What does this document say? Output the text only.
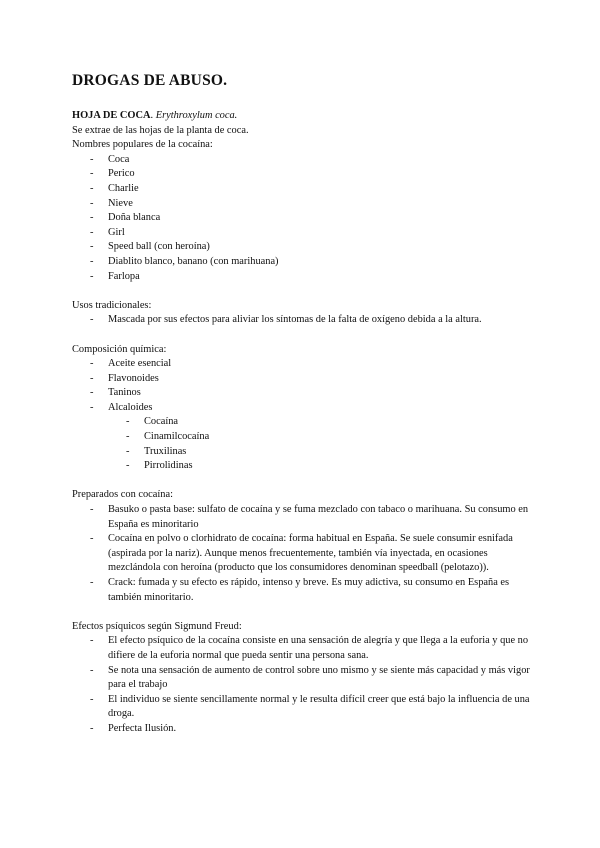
DROGAS DE ABUSO.

HOJA DE COCA. Erythroxylum coca.

Se extrae de las hojas de la planta de coca.

Nombres populares de la cocaína:

- Coca
- Perico
- Charlie
- Nieve
- Doña blanca
- Girl
- Speed ball (con heroína)
- Diablito blanco, banano (con marihuana)
- Farlopa

Usos tradicionales:

- Mascada por sus efectos para aliviar los síntomas de la falta de oxígeno debida a la altura.

Composición química:

- Aceite esencial
- Flavonoides
- Taninos
- Alcaloides
- Cocaína
- Cinamilcocaína
- Truxilinas
- Pirrolidinas

Preparados con cocaína:

- Basuko o pasta base: sulfato de cocaína y se fuma mezclado con tabaco o marihuana. Su consumo en España es minoritario
- Cocaína en polvo o clorhidrato de cocaína: forma habitual en España. Se suele consumir esnifada (aspirada por la nariz). Aunque menos frecuentemente, también vía inyectada, en ocasiones mezclándola con heroína (producto que los consumidores denominan speedball (pelotazo)).
- Crack: fumada y su efecto es rápido, intenso y breve. Es muy adictiva, su consumo en España es también minoritario.

Efectos psíquicos según Sigmund Freud:

- El efecto psíquico de la cocaína consiste en una sensación de alegría y que llega a la euforia y que no difiere de la euforia normal que pueda sentir una persona sana.
- Se nota una sensación de aumento de control sobre uno mismo y se siente más capacidad y más vigor para el trabajo
- El individuo se siente sencillamente normal y le resulta difícil creer que está bajo la influencia de una droga.
- Perfecta Ilusión.
